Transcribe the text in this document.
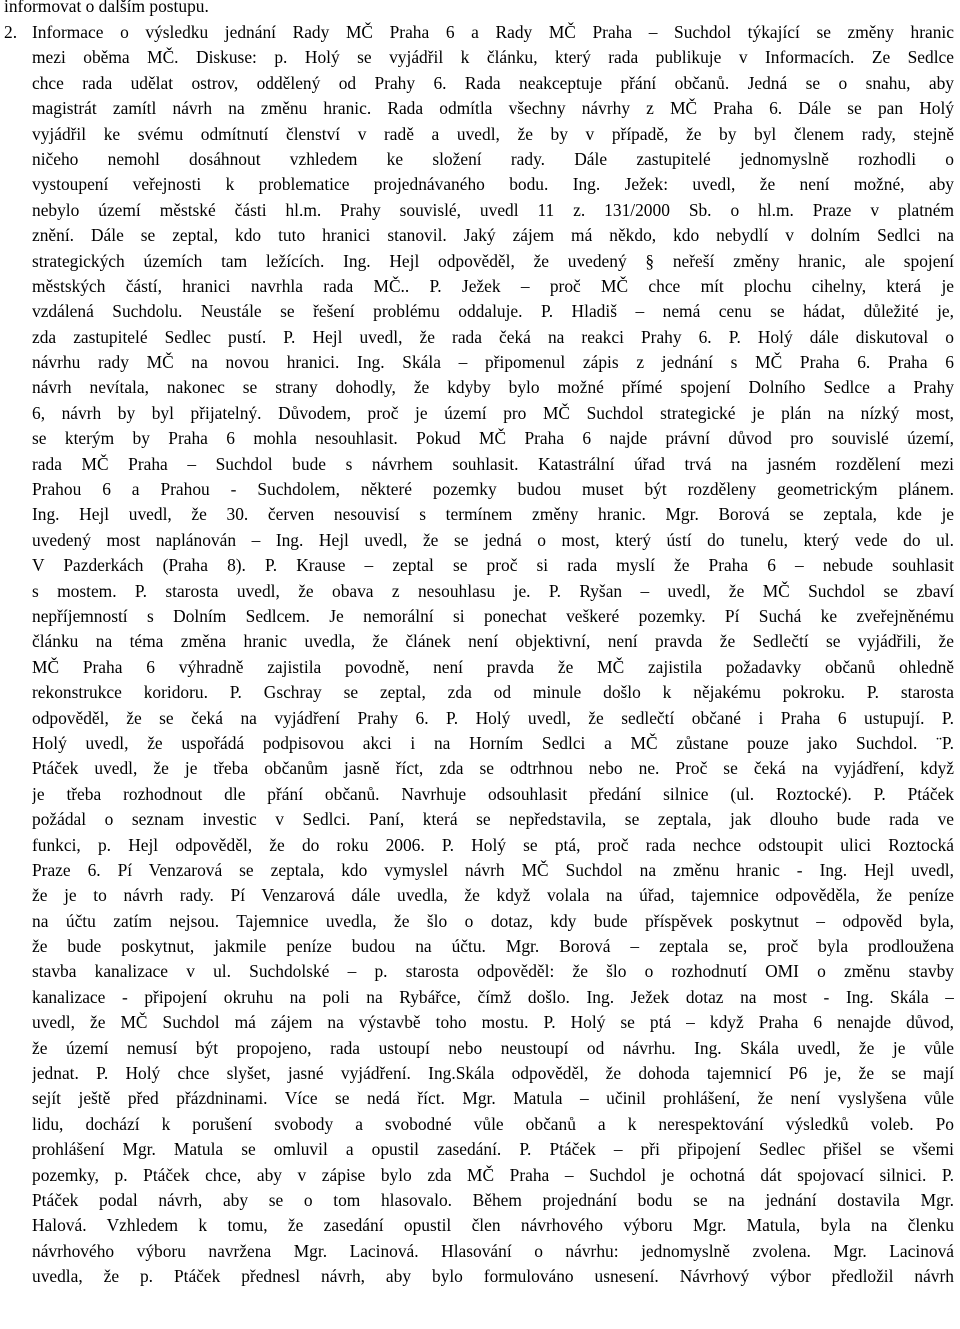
informovat o dalším postupu.
2. Informace o výsledku jednání Rady MČ Praha 6 a Rady MČ Praha – Suchdol týkající se změny hranic
mezi oběma MČ. Diskuse: p. Holý se vyjádřil k článku, který rada publikuje v Informacích. Ze Sedlce
chce rada udělat ostrov, oddělený od Prahy 6. Rada neakceptuje přání občanů. Jedná se o snahu, aby
magistrát zamítl návrh na změnu hranic. Rada odmítla všechny návrhy z MČ Praha 6. Dále se pan Holý
vyjádřil ke svému odmítnutí členství v radě a uvedl, že by v případě, že by byl členem rady, stejně
ničeho nemohl dosáhnout vzhledem ke složení rady. Dále zastupitelé jednomyslně rozhodli o
vystoupení veřejnosti k problematice projednávaného bodu. Ing. Ježek: uvedl, že není možné, aby
nebylo území městské části hl.m. Prahy souvislé, uvedl 11 z. 131/2000 Sb. o hl.m. Praze v platném
znění. Dále se zeptal, kdo tuto hranici stanovil. Jaký zájem má někdo, kdo nebydlí v dolním Sedlci na
strategických územích tam ležících. Ing. Hejl odpověděl, že uvedený § neřeší změny hranic, ale spojení
městských částí, hranici navrhla rada MČ.. P. Ježek – proč MČ chce mít plochu cihelny, která je
vzdálená Suchdolu. Neustále se řešení problému oddaluje. P. Hladiš – nemá cenu se hádat, důležité je,
zda zastupitelé Sedlec pustí. P. Hejl uvedl, že rada čeká na reakci Prahy 6. P. Holý dále diskutoval o
návrhu rady MČ na novou hranici. Ing. Skála – připomenul zápis z jednání s MČ Praha 6. Praha 6
návrh nevítala, nakonec se strany dohodly, že kdyby bylo možné přímé spojení Dolního Sedlce a Prahy
6, návrh by byl přijatelný. Důvodem, proč je území pro MČ Suchdol strategické je plán na nízký most,
se kterým by Praha 6 mohla nesouhlasit. Pokud MČ Praha 6 najde právní důvod pro souvislé území,
rada MČ Praha – Suchdol bude s návrhem souhlasit. Katastrální úřad trvá na jasném rozdělení mezi
Prahou 6 a Prahou - Suchdolem, některé pozemky budou muset být rozděleny geometrickým plánem.
Ing. Hejl uvedl, že 30. červen nesouvisí s termínem změny hranic. Mgr. Borová se zeptala, kde je
uvedený most naplánován – Ing. Hejl uvedl, že se jedná o most, který ústí do tunelu, který vede do ul.
V Pazderkách (Praha 8). P. Krause – zeptal se proč si rada myslí že Praha 6 – nebude souhlasit
s mostem. P. starosta uvedl, že obava z nesouhlasu je. P. Ryšan – uvedl, že MČ Suchdol se zbaví
nepříjemností s Dolním Sedlcem. Je nemorální si ponechat veškeré pozemky. Pí Suchá ke zveřejněnému
článku na téma změna hranic uvedla, že článek není objektivní, není pravda že Sedlečtí se vyjádřili, že
MČ Praha 6 výhradně zajistila povodně, není pravda že MČ zajistila požadavky občanů ohledně
rekonstrukce koridoru. P. Gschray se zeptal, zda od minule došlo k nějakému pokroku. P. starosta
odpověděl, že se čeká na vyjádření Prahy 6. P. Holý uvedl, že sedlečtí občané i Praha 6 ustupují. P.
Holý uvedl, že uspořádá podpisovou akci i na Horním Sedlci a MČ zůstane pouze jako Suchdol. ¨P.
Ptáček uvedl, že je třeba občanům jasně říct, zda se odtrhnou nebo ne. Proč se čeká na vyjádření, když
je třeba rozhodnout dle přání občanů. Navrhuje odsouhlasit předání silnice (ul. Roztocké). P. Ptáček
požádal o seznam investic v Sedlci. Paní, která se nepředstavila, se zeptala, jak dlouho bude rada ve
funkci, p. Hejl odpověděl, že do roku 2006. P. Holý se ptá, proč rada nechce odstoupit ulici Roztocká
Praze 6. Pí Venzarová se zeptala, kdo vymyslel návrh MČ Suchdol na změnu hranic - Ing. Hejl uvedl,
že je to návrh rady. Pí Venzarová dále uvedla, že když volala na úřad, tajemnice odpověděla, že peníze
na účtu zatím nejsou. Tajemnice uvedla, že šlo o dotaz, kdy bude příspěvek poskytnut – odpověd byla,
že bude poskytnut, jakmile peníze budou na účtu. Mgr. Borová – zeptala se, proč byla prodloužena
stavba kanalizace v ul. Suchdolské – p. starosta odpověděl: že šlo o rozhodnutí OMI o změnu stavby
kanalizace - připojení okruhu na poli na Rybářce, čímž došlo. Ing. Ježek dotaz na most - Ing. Skála –
uvedl, že MČ Suchdol má zájem na výstavbě toho mostu. P. Holý se ptá – když Praha 6 nenajde důvod,
že území nemusí být propojeno, rada ustoupí nebo neustoupí od návrhu. Ing. Skála uvedl, že je vůle
jednat. P. Holý chce slyšet, jasné vyjádření. Ing.Skála odpověděl, že dohoda tajemnicí P6 je, že se mají
sejít ještě před přázdninami. Více se nedá říct. Mgr. Matula – učinil prohlášení, že není vyslyšena vůle
lidu, dochází k porušení svobody a svobodné vůle občanů a k nerespektování výsledků voleb. Po
prohlášení Mgr. Matula se omluvil a opustil zasedání. P. Ptáček – při připojení Sedlec přišel se všemi
pozemky, p. Ptáček chce, aby v zápise bylo zda MČ Praha – Suchdol je ochotná dát spojovací silnici. P.
Ptáček podal návrh, aby se o tom hlasovalo. Během projednání bodu se na jednání dostavila Mgr.
Halová. Vzhledem k tomu, že zasedání opustil člen návrhového výboru Mgr. Matula, byla na členku
návrhového výboru navržena Mgr. Lacinová. Hlasování o návrhu: jednomyslně zvolena. Mgr. Lacinová
uvedla, že p. Ptáček přednesl návrh, aby bylo formulováno usnesení. Návrhový výbor předložil návrh
